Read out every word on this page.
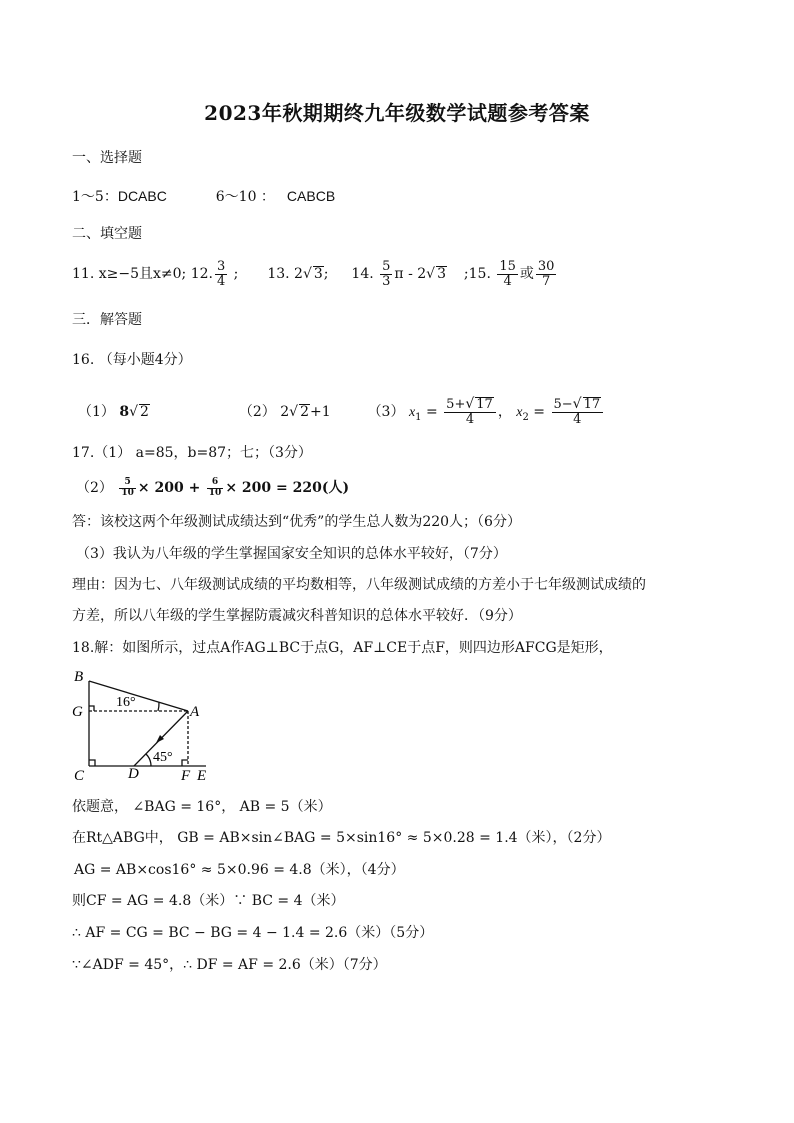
2023年秋期期终九年级数学试题参考答案
一、选择题
1～5：DCABC	6～10 ： CABCB
二、填空题
11. x≥−5且x≠0; 12. $\frac{3}{4}$ ;  13. 2√ 3;  14. $\frac{5}{3}$ π - 2√ 3 ;15. $\frac{15}{4}$ 或 $\frac{30}{7}$
三．解答题
16. （每小题4分）
（1） 8√ 2	（2） 2√ 2+1	（3） $x_1 = \frac{5+√ 17}{4}$ ， $x_2 = \frac{5-√ 17}{4}$
17.（1） a=85，b=87；七；（3分）
$(2) \frac{5}{10} \times 200 + \frac{6}{10} \times 200 = 220$(人)
答：该校这两个年级测试成绩达到“优秀”的学生总人数为220人；（6分）
（3）我认为八年级的学生掌握国家安全知识的总体水平较好，（7分）
理由：因为七、八年级测试成绩的平均数相等，八年级测试成绩的方差小于七年级测试成绩的
方差，所以八年级的学生掌握防震减灾科普知识的总体水平较好．（9分）
18.解：如图所示，过点A作AG⊥BC于点G，AF⊥CE于点F，则四边形AFCG是矩形，
B
G	A
C	D	F E
16°
45°
依题意， ∠BAG = 16°， AB = 5（米）
在Rt△ABG中， GB = AB×sin∠BAG = 5×sin16° ≈ 5×0.28 = 1.4（米），（2分）
AG = AB×cos16° ≈ 5×0.96 = 4.8（米），（4分）
则CF = AG = 4.8（米）∵ BC = 4（米）
∴ AF = CG = BC − BG = 4 − 1.4 = 2.6（米）（5分）
∵∠ADF = 45°，∴ DF = AF = 2.6（米）（7分）
